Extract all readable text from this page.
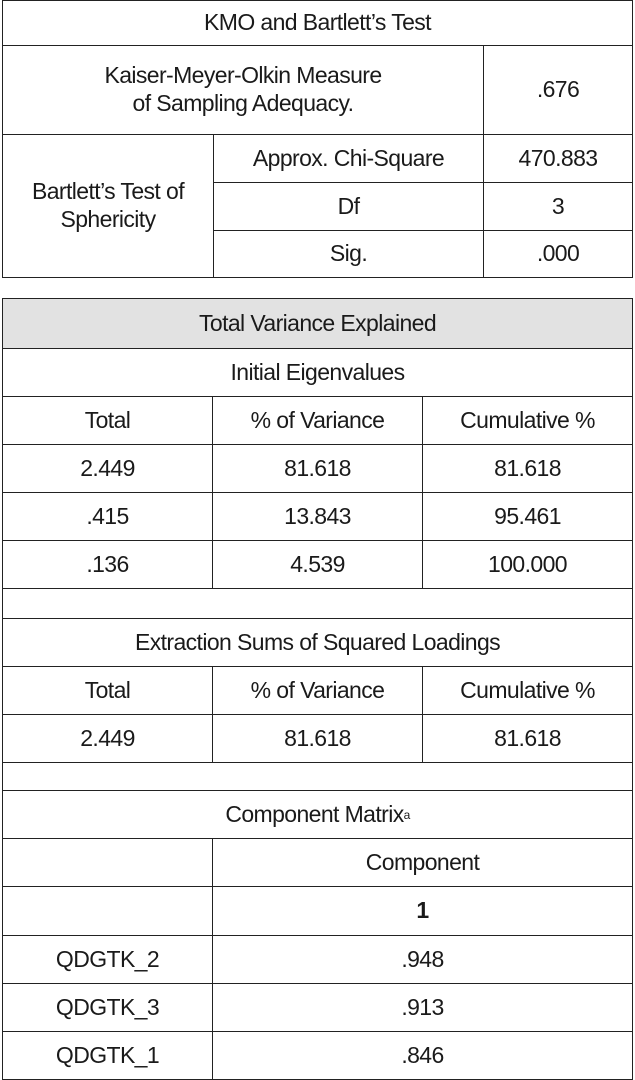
KMO and Bartlett’s Test		
Kaiser-Meyer-Olkin Measure
of Sampling Adequacy.		.676
Bartlett’s Test of
Sphericity	Approx. Chi-Square	470.883
	Df	3
	Sig.	.000
Total Variance Explained		
Initial Eigenvalues		
Total	% of Variance	Cumulative %
2.449	81.618	81.618
.415	13.843	95.461
.136	4.539	100.000

Extraction Sums of Squared Loadings		
Total	% of Variance	Cumulative %
2.449	81.618	81.618

Component Matrix$^a$
	Component	
	1	
QDGTK_2	.948	
QDGTK_3	.913	
QDGTK_1	.846	
